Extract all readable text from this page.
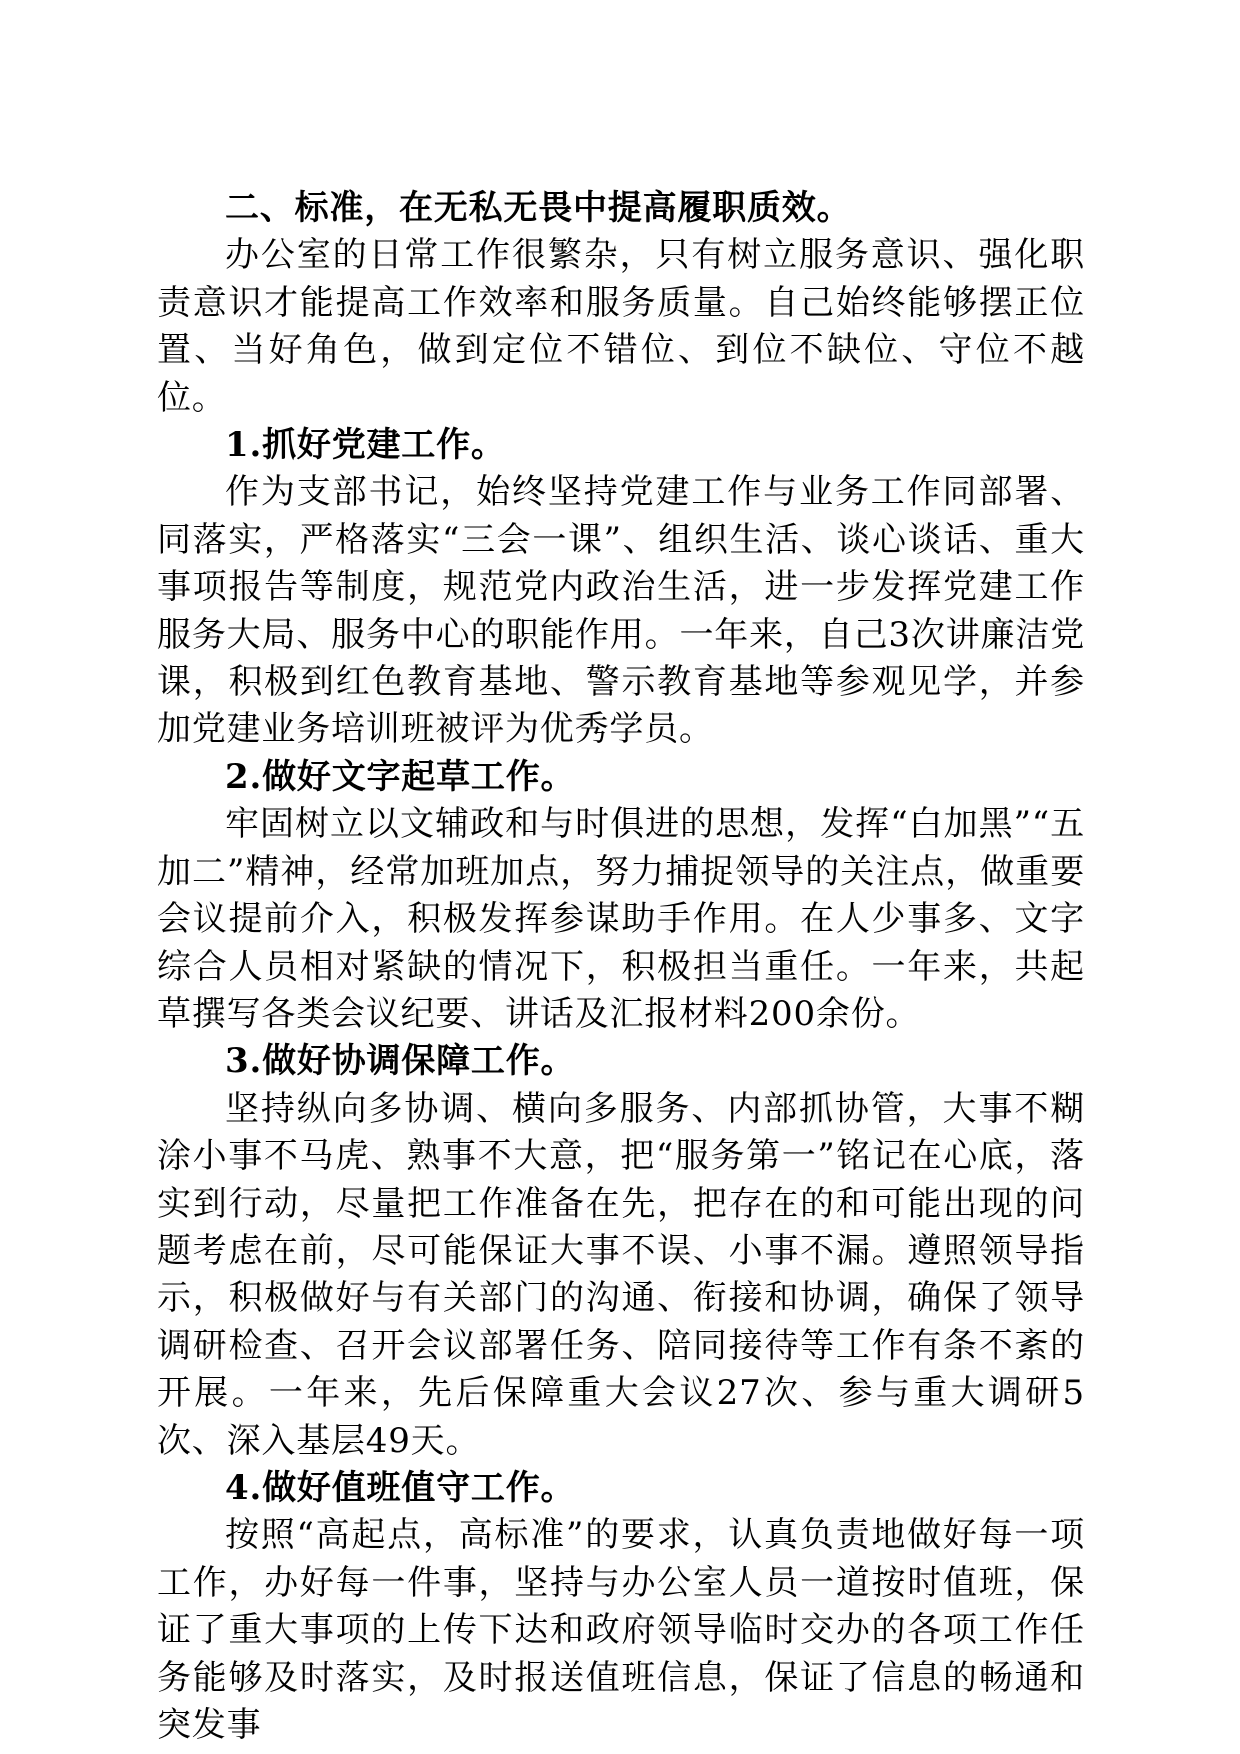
二、标准，在无私无畏中提高履职质效。

办公室的日常工作很繁杂，只有树立服务意识、强化职责意识才能提高工作效率和服务质量。自己始终能够摆正位置、当好角色，做到定位不错位、到位不缺位、守位不越位。

1.抓好党建工作。

作为支部书记，始终坚持党建工作与业务工作同部署、同落实，严格落实“三会一课”、组织生活、谈心谈话、重大事项报告等制度，规范党内政治生活，进一步发挥党建工作服务大局、服务中心的职能作用。一年来，自己3次讲廉洁党课，积极到红色教育基地、警示教育基地等参观见学，并参加党建业务培训班被评为优秀学员。

2.做好文字起草工作。

牢固树立以文辅政和与时俱进的思想，发挥“白加黑”“五加二”精神，经常加班加点，努力捕捉领导的关注点，做重要会议提前介入，积极发挥参谋助手作用。在人少事多、文字综合人员相对紧缺的情况下，积极担当重任。一年来，共起草撰写各类会议纪要、讲话及汇报材料200余份。

3.做好协调保障工作。

坚持纵向多协调、横向多服务、内部抓协管，大事不糊涂小事不马虎、熟事不大意，把“服务第一”铭记在心底，落实到行动，尽量把工作准备在先，把存在的和可能出现的问题考虑在前，尽可能保证大事不误、小事不漏。遵照领导指示，积极做好与有关部门的沟通、衔接和协调，确保了领导调研检查、召开会议部署任务、陪同接待等工作有条不紊的开展。一年来，先后保障重大会议27次、参与重大调研5次、深入基层49天。

4.做好值班值守工作。

按照“高起点，高标准”的要求，认真负责地做好每一项工作，办好每一件事，坚持与办公室人员一道按时值班，保证了重大事项的上传下达和政府领导临时交办的各项工作任务能够及时落实，及时报送值班信息，保证了信息的畅通和突发事
